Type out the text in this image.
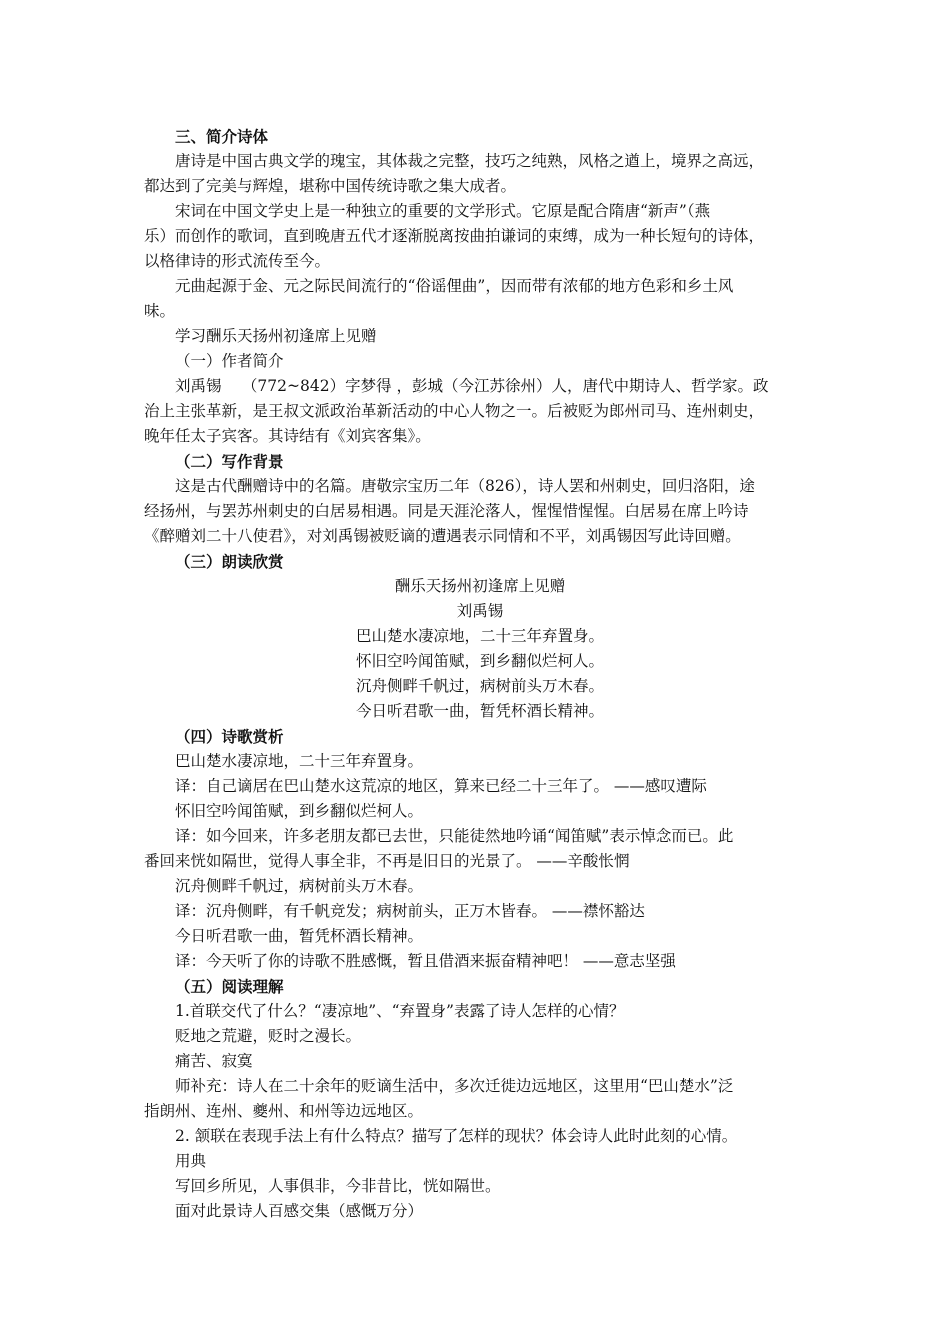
三、简介诗体
唐诗是中国古典文学的瑰宝，其体裁之完整，技巧之纯熟，风格之遒上，境界之高远，
都达到了完美与辉煌，堪称中国传统诗歌之集大成者。
宋词在中国文学史上是一种独立的重要的文学形式。它原是配合隋唐“新声”（燕
乐）而创作的歌词，直到晚唐五代才逐渐脱离按曲拍谦词的束缚，成为一种长短句的诗体，
以格律诗的形式流传至今。
元曲起源于金、元之际民间流行的“俗谣俚曲”，因而带有浓郁的地方色彩和乡土风
味。
学习酬乐天扬州初逢席上见赠
（一）作者简介
刘禹锡　 （772~842）字梦得 ，彭城（今江苏徐州）人，唐代中期诗人、哲学家。政
治上主张革新，是王叔文派政治革新活动的中心人物之一。后被贬为郎州司马、连州刺史，
晚年任太子宾客。其诗结有《刘宾客集》。
（二）写作背景
这是古代酬赠诗中的名篇。唐敬宗宝历二年（826），诗人罢和州刺史，回归洛阳，途
经扬州，与罢苏州刺史的白居易相遇。同是天涯沦落人，惺惺惜惺惺。白居易在席上吟诗
《醉赠刘二十八使君》，对刘禹锡被贬谪的遭遇表示同情和不平，刘禹锡因写此诗回赠。
（三）朗读欣赏
酬乐天扬州初逢席上见赠
刘禹锡
巴山楚水凄凉地，二十三年弃置身。
怀旧空吟闻笛赋，到乡翻似烂柯人。
沉舟侧畔千帆过，病树前头万木春。
今日听君歌一曲，暂凭杯酒长精神。
（四）诗歌赏析
巴山楚水凄凉地，二十三年弃置身。
译：自己谪居在巴山楚水这荒凉的地区，算来已经二十三年了。 ——感叹遭际
怀旧空吟闻笛赋，到乡翻似烂柯人。
译：如今回来，许多老朋友都已去世，只能徒然地吟诵“闻笛赋”表示悼念而已。此
番回来恍如隔世，觉得人事全非，不再是旧日的光景了。 ——辛酸怅惘
沉舟侧畔千帆过，病树前头万木春。
译：沉舟侧畔，有千帆竞发；病树前头，正万木皆春。 ——襟怀豁达
今日听君歌一曲，暂凭杯酒长精神。
译：今天听了你的诗歌不胜感慨，暂且借酒来振奋精神吧！ ——意志坚强
（五）阅读理解
1.首联交代了什么？“凄凉地”、“弃置身”表露了诗人怎样的心情？
贬地之荒避，贬时之漫长。
痛苦、寂寞
师补充：诗人在二十余年的贬谪生活中，多次迁徙边远地区，这里用“巴山楚水”泛
指朗州、连州、夔州、和州等边远地区。
2. 颔联在表现手法上有什么特点？描写了怎样的现状？体会诗人此时此刻的心情。
用典
写回乡所见，人事俱非，今非昔比，恍如隔世。
面对此景诗人百感交集（感慨万分）
